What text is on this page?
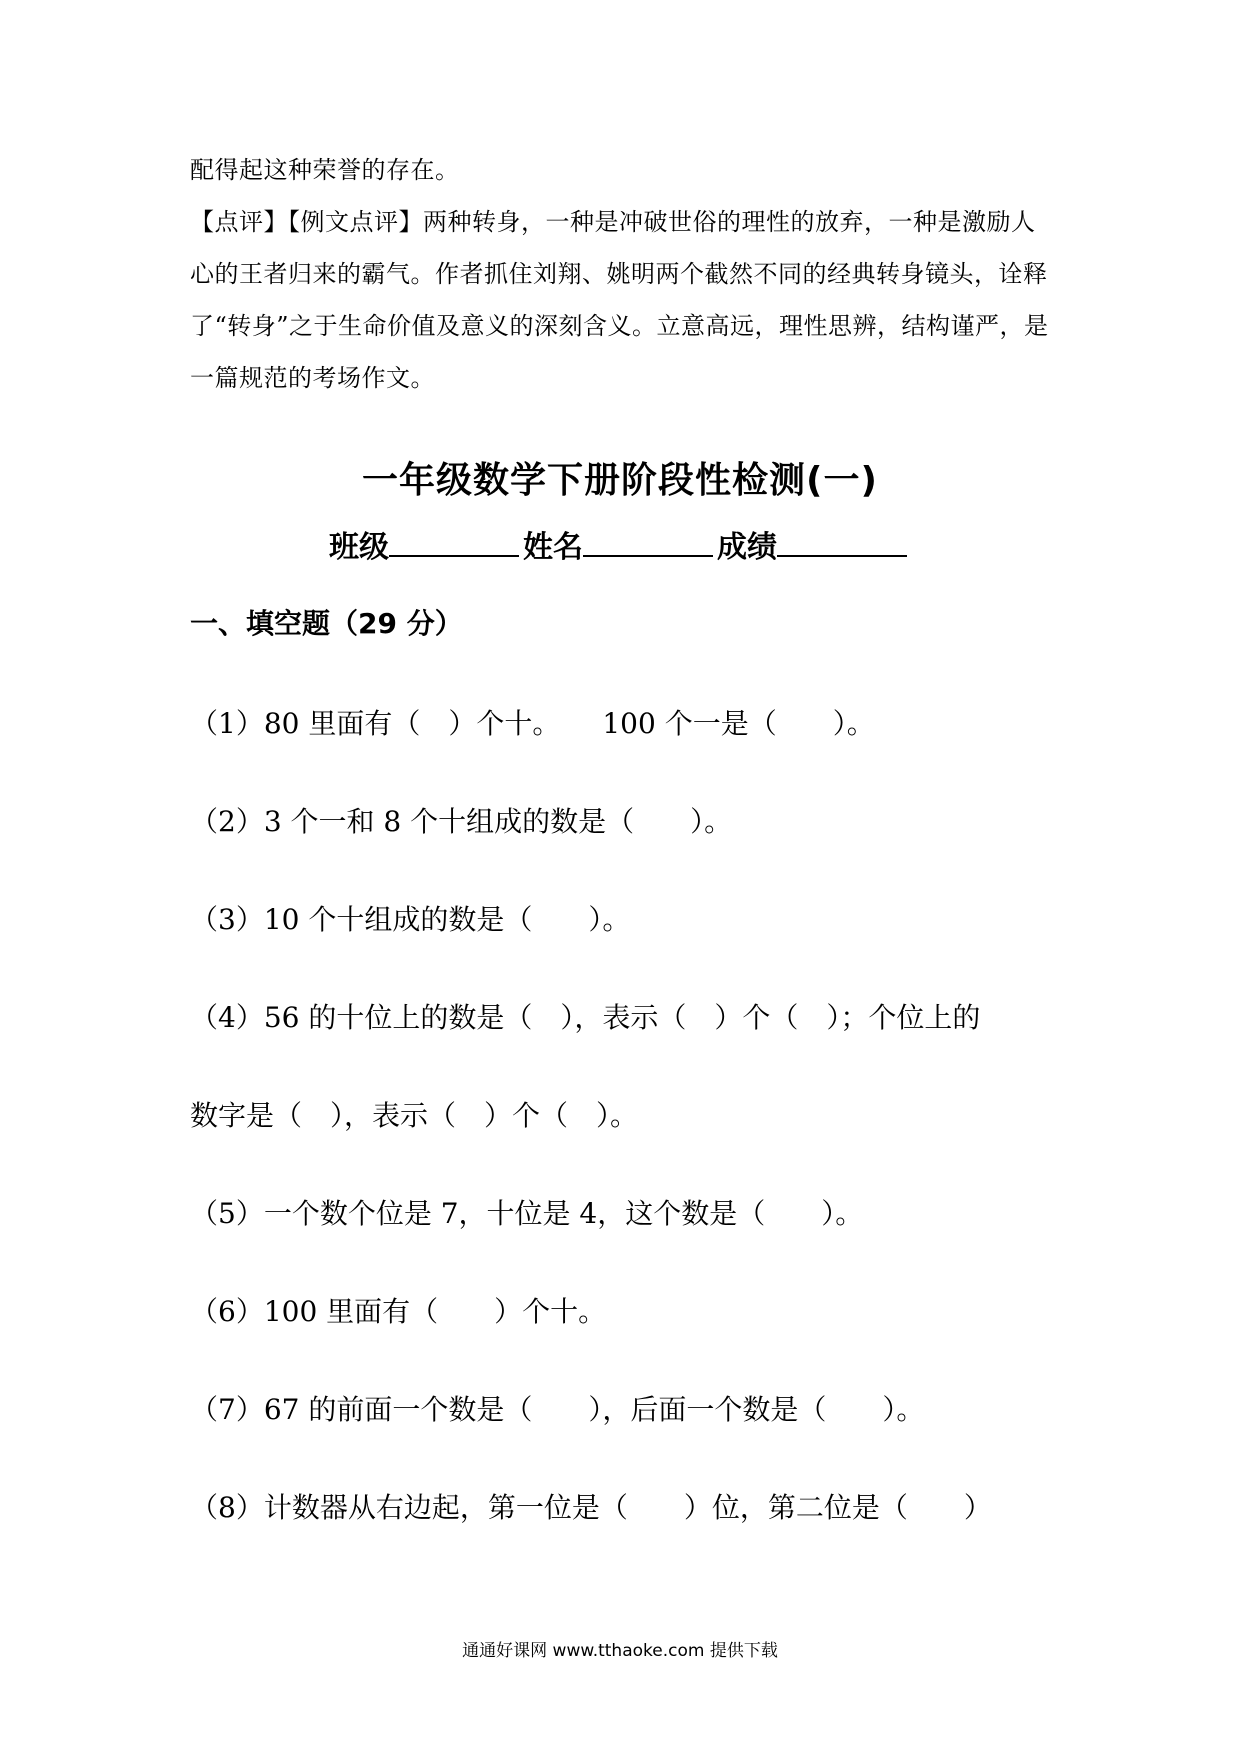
配得起这种荣誉的存在。

【点评】【例文点评】两种转身，一种是冲破世俗的理性的放弃，一种是激励人

心的王者归来的霸气。作者抓住刘翔、姚明两个截然不同的经典转身镜头，诠释

了“转身”之于生命价值及意义的深刻含义。立意高远，理性思辨，结构谨严，是

一篇规范的考场作文。

一年级数学下册阶段性检测(一)
班级	姓名	成绩
一、填空题（29 分）
（1）80 里面有（　）个十。　　100 个一是（　　）。
（2）3 个一和 8 个十组成的数是（　　）。
（3）10 个十组成的数是（　　）。
（4）56 的十位上的数是（　），表示（　）个（　）；个位上的
数字是（　），表示（　）个（　）。
（5）一个数个位是 7，十位是 4，这个数是（　　）。
（6）100 里面有（　　）个十。
（7）67 的前面一个数是（　　），后面一个数是（　　）。
（8）计数器从右边起，第一位是（　　）位，第二位是（　　）
通通好课网 www.tthaoke.com 提供下载
